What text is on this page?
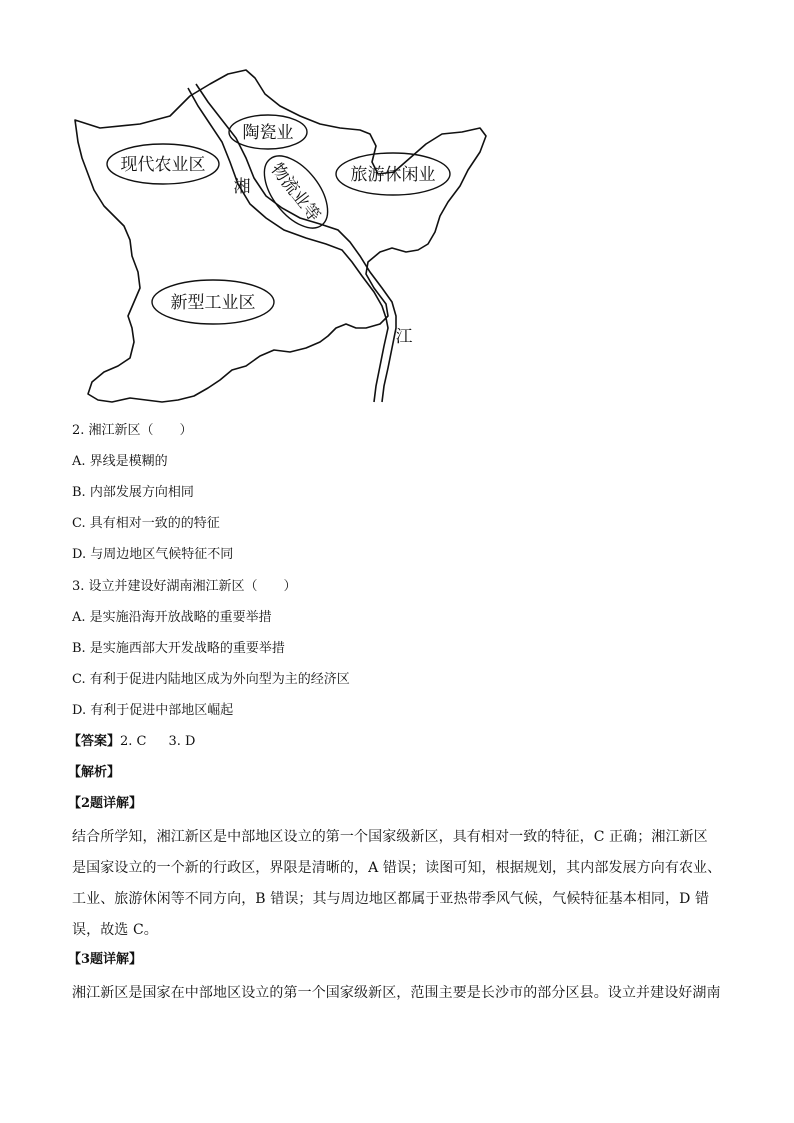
陶瓷业
现代农业区
湘 物流业等 旅游休闲业
新型工业区
江
2. 湘江新区（　　）
A. 界线是模糊的
B. 内部发展方向相同
C. 具有相对一致的的特征
D. 与周边地区气候特征不同
3. 设立并建设好湖南湘江新区（　　）
A. 是实施沿海开放战略的重要举措
B. 是实施西部大开发战略的重要举措
C. 有利于促进内陆地区成为外向型为主的经济区
D. 有利于促进中部地区崛起
【答案】2. C 3. D
【解析】
【2题详解】
结合所学知，湘江新区是中部地区设立的第一个国家级新区，具有相对一致的特征，C 正确；湘江新区
是国家设立的一个新的行政区，界限是清晰的，A 错误；读图可知，根据规划，其内部发展方向有农业、
工业、旅游休闲等不同方向，B 错误；其与周边地区都属于亚热带季风气候，气候特征基本相同，D 错
误，故选 C。
【3题详解】
湘江新区是国家在中部地区设立的第一个国家级新区，范围主要是长沙市的部分区县。设立并建设好湖南
